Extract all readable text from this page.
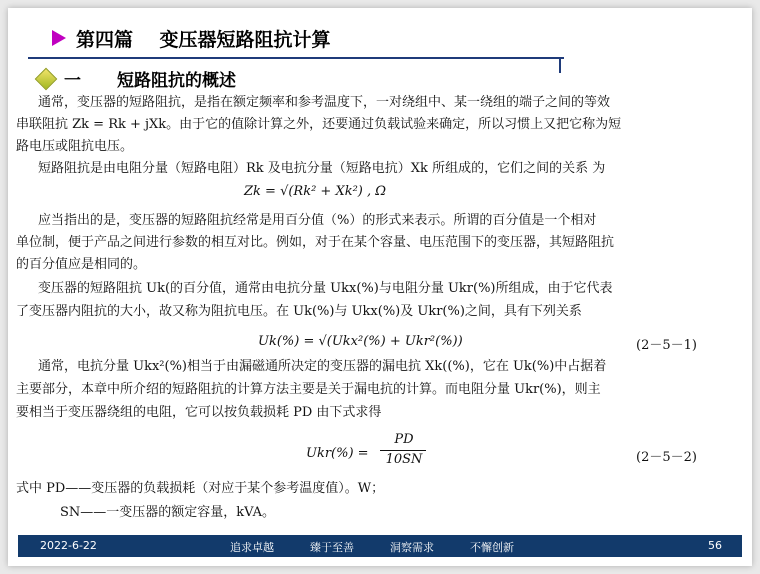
第四篇    变压器短路阻抗计算
一 短路阻抗的概述
通常，变压器的短路阻抗，是指在额定频率和参考温度下，一对绕组中、某一绕组的端子之间的等效
串联阻抗 Zk = Rk + jXk。由于它的值除计算之外，还要通过负载试验来确定，所以习惯上又把它称为短
路电压或阻抗电压。
短路阻抗是由电阻分量（短路电阻）Rk 及电抗分量（短路电抗）Xk 所组成的，它们之间的关系 为
Zk = √(Rk² + Xk²) , Ω
应当指出的是，变压器的短路阻抗经常是用百分值（%）的形式来表示。所谓的百分值是一个相对
单位制，便于产品之间进行参数的相互对比。例如，对于在某个容量、电压范围下的变压器，其短路阻抗
的百分值应是相同的。
变压器的短路阻抗 Uk(的百分值，通常由电抗分量 Ukx(%)与电阻分量 Ukr(%)所组成，由于它代表
了变压器内阻抗的大小，故又称为阻抗电压。在 Uk(%)与 Ukx(%)及 Ukr(%)之间，具有下列关系
Uk(%) = √(Ukx²(%) + Ukr²(%))	(2－5－1)
通常，电抗分量 Ukx²(%)相当于由漏磁通所决定的变压器的漏电抗 Xk((%)，它在 Uk(%)中占据着
主要部分，本章中所介绍的短路阻抗的计算方法主要是关于漏电抗的计算。而电阻分量 Ukr(%)，则主
要相当于变压器绕组的电阻，它可以按负载损耗 PD 由下式求得
Ukr(%) =
PD
10SN	(2－5－2)
式中 PD——变压器的负载损耗（对应于某个参考温度值）。W；
SN——一变压器的额定容量，kVA。
2022-6-22	追求卓越	臻于至善	洞察需求	不懈创新	56
